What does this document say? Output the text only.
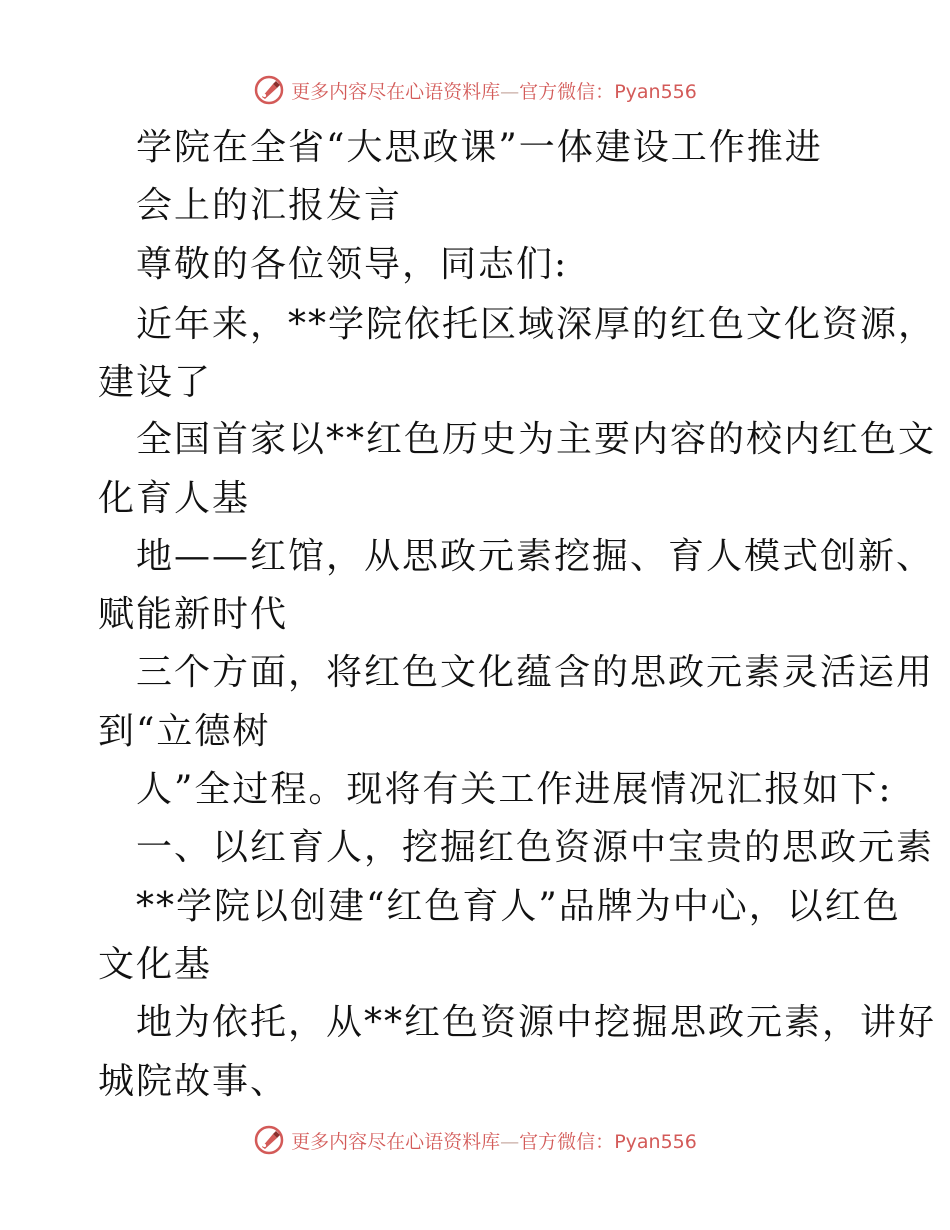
更多内容尽在心语资料库—官方微信：Pyan556
学院在全省“大思政课”一体建设工作推进
会上的汇报发言
尊敬的各位领导，同志们:
近年来，**学院依托区域深厚的红色文化资源，
建设了
全国首家以**红色历史为主要内容的校内红色文
化育人基
地——红馆，从思政元素挖掘、育人模式创新、
赋能新时代
三个方面，将红色文化蕴含的思政元素灵活运用
到“立德树
人”全过程。现将有关工作进展情况汇报如下:
一、以红育人，挖掘红色资源中宝贵的思政元素
**学院以创建“红色育人”品牌为中心，以红色
文化基
地为依托，从**红色资源中挖掘思政元素，讲好
城院故事、
更多内容尽在心语资料库—官方微信：Pyan556
